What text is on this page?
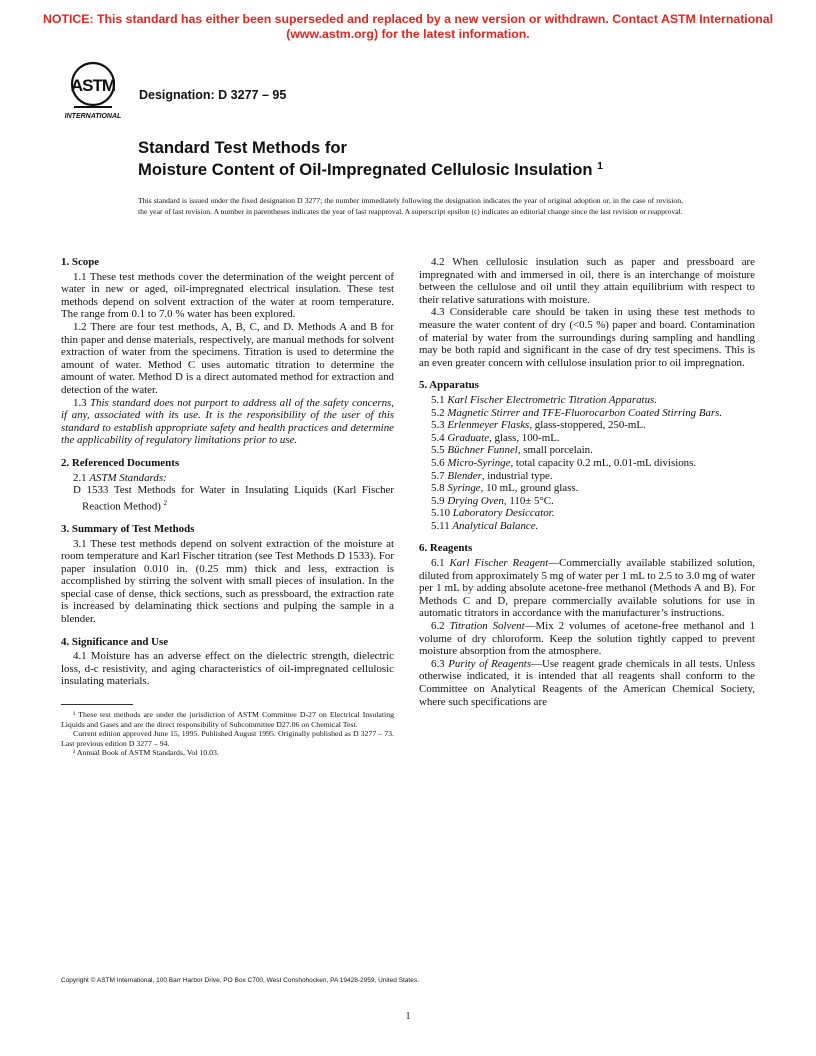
NOTICE: This standard has either been superseded and replaced by a new version or withdrawn. Contact ASTM International (www.astm.org) for the latest information.
ASTM
INTERNATIONAL
Designation: D 3277 – 95
Standard Test Methods for
Moisture Content of Oil-Impregnated Cellulosic Insulation $^1$
This standard is issued under the fixed designation D 3277; the number immediately following the designation indicates the year of original adoption or, in the case of revision, the year of last revision. A number in parentheses indicates the year of last reapproval. A superscript epsilon (ϵ) indicates an editorial change since the last revision or reapproval.
1. Scope

1.1 These test methods cover the determination of the weight percent of water in new or aged, oil-impregnated electrical insulation. These test methods depend on solvent extraction of the water at room temperature. The range from 0.1 to 7.0 % water has been explored.

1.2 There are four test methods, A, B, C, and D. Methods A and B for thin paper and dense materials, respectively, are manual methods for solvent extraction of water from the specimens. Titration is used to determine the amount of water. Method C uses automatic titration to determine the amount of water. Method D is a direct automated method for extraction and detection of the water.

1.3 This standard does not purport to address all of the safety concerns, if any, associated with its use. It is the responsibility of the user of this standard to establish appropriate safety and health practices and determine the applicability of regulatory limitations prior to use.

2. Referenced Documents

2.1 ASTM Standards:

D 1533 Test Methods for Water in Insulating Liquids (Karl Fischer Reaction Method) $^2$

3. Summary of Test Methods

3.1 These test methods depend on solvent extraction of the moisture at room temperature and Karl Fischer titration (see Test Methods D 1533). For paper insulation 0.010 in. (0.25 mm) thick and less, extraction is accomplished by stirring the solvent with small pieces of insulation. In the special case of dense, thick sections, such as pressboard, the extraction rate is increased by delaminating thick sections and pulping the sample in a blender.

4. Significance and Use

4.1 Moisture has an adverse effect on the dielectric strength, dielectric loss, d-c resistivity, and aging characteristics of oil-impregnated cellulosic insulating materials.

¹ These test methods are under the jurisdiction of ASTM Committee D-27 on Electrical Insulating Liquids and Gases and are the direct responsibility of Subcommittee D27.06 on Chemical Test.

Current edition approved June 15, 1995. Published August 1995. Originally published as D 3277 – 73. Last previous edition D 3277 – 94.

² Annual Book of ASTM Standards, Vol 10.03.

4.2 When cellulosic insulation such as paper and pressboard are impregnated with and immersed in oil, there is an interchange of moisture between the cellulose and oil until they attain equilibrium with respect to their relative saturations with moisture.

4.3 Considerable care should be taken in using these test methods to measure the water content of dry (<0.5 %) paper and board. Contamination of material by water from the surroundings during sampling and handling may be both rapid and significant in the case of dry test specimens. This is an even greater concern with cellulose insulation prior to oil impregnation.

5. Apparatus

5.1 Karl Fischer Electrometric Titration Apparatus.

5.2 Magnetic Stirrer and TFE-Fluorocarbon Coated Stirring Bars.

5.3 Erlenmeyer Flasks, glass-stoppered, 250-mL.

5.4 Graduate, glass, 100-mL.

5.5 Büchner Funnel, small porcelain.

5.6 Micro-Syringe, total capacity 0.2 mL, 0.01-mL divisions.

5.7 Blender, industrial type.

5.8 Syringe, 10 mL, ground glass.

5.9 Drying Oven, 110± 5°C.

5.10 Laboratory Desiccator.

5.11 Analytical Balance.

6. Reagents

6.1 Karl Fischer Reagent—Commercially available stabilized solution, diluted from approximately 5 mg of water per 1 mL to 2.5 to 3.0 mg of water per 1 mL by adding absolute acetone-free methanol (Methods A and B). For Methods C and D, prepare commercially available solutions for use in automatic titrators in accordance with the manufacturer’s instructions.

6.2 Titration Solvent—Mix 2 volumes of acetone-free methanol and 1 volume of dry chloroform. Keep the solution tightly capped to prevent moisture absorption from the atmosphere.

6.3 Purity of Reagents—Use reagent grade chemicals in all tests. Unless otherwise indicated, it is intended that all reagents shall conform to the Committee on Analytical Reagents of the American Chemical Society, where such specifications are

Copyright © ASTM International, 100 Barr Harbor Drive, PO Box C700, West Conshohocken, PA 19428-2959, United States.
1
